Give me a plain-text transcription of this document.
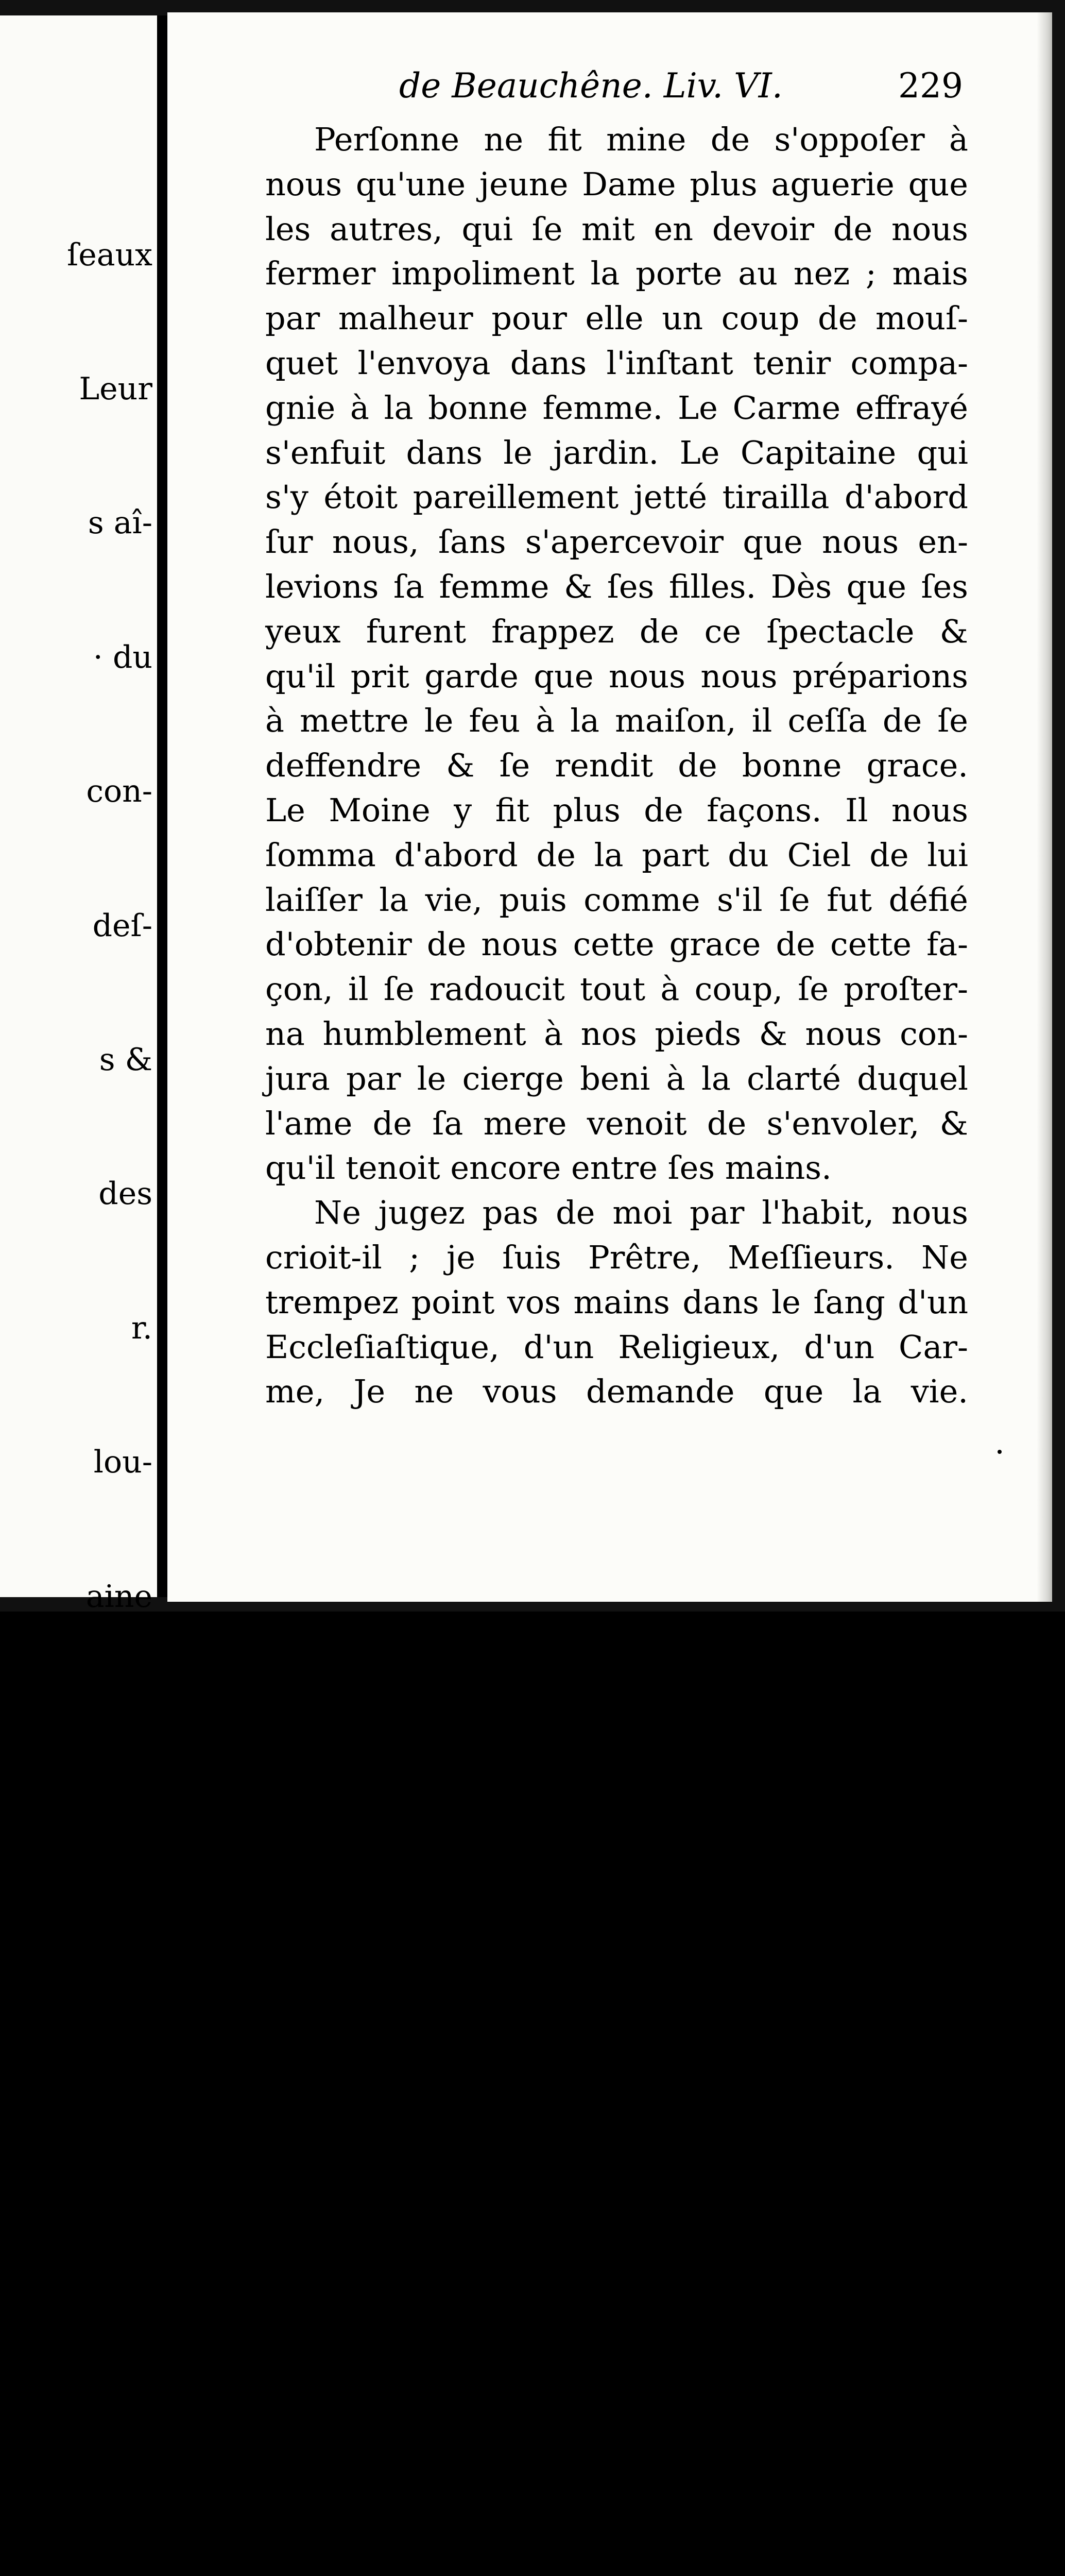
ſeaux

Leur

s aî-

· du

con-

deſ-

s &

des

r.

lou-

aine

ides

Le

toit

de

de

que

ola-

de Beauchêne. Liv. VI.	229
Perſonne ne fit mine de s'oppoſer à
nous qu'une jeune Dame plus aguerie que
les autres, qui ſe mit en devoir de nous
fermer impoliment la porte au nez ; mais
par malheur pour elle un coup de mouſ-
quet l'envoya dans l'inſtant tenir compa-
gnie à la bonne femme. Le Carme effrayé
s'enfuit dans le jardin. Le Capitaine qui
s'y étoit pareillement jetté tirailla d'abord
ſur nous, ſans s'apercevoir que nous en-
levions ſa femme & ſes filles. Dès que ſes
yeux furent frappez de ce ſpectacle &
qu'il prit garde que nous nous préparions
à mettre le feu à la maiſon, il ceſſa de ſe
deffendre & ſe rendit de bonne grace.
Le Moine y fit plus de façons. Il nous
ſomma d'abord de la part du Ciel de lui
laiſſer la vie, puis comme s'il ſe fut défié
d'obtenir de nous cette grace de cette fa-
çon, il ſe radoucit tout à coup, ſe proſter-
na humblement à nos pieds & nous con-
jura par le cierge beni à la clarté duquel
l'ame de ſa mere venoit de s'envoler, &
qu'il tenoit encore entre ſes mains.
Ne jugez pas de moi par l'habit, nous
crioit-il ; je ſuis Prêtre, Meſſieurs. Ne
trempez point vos mains dans le ſang d'un
Eccleſiaſtique, d'un Religieux, d'un Car-
me, Je ne vous demande que la vie.
